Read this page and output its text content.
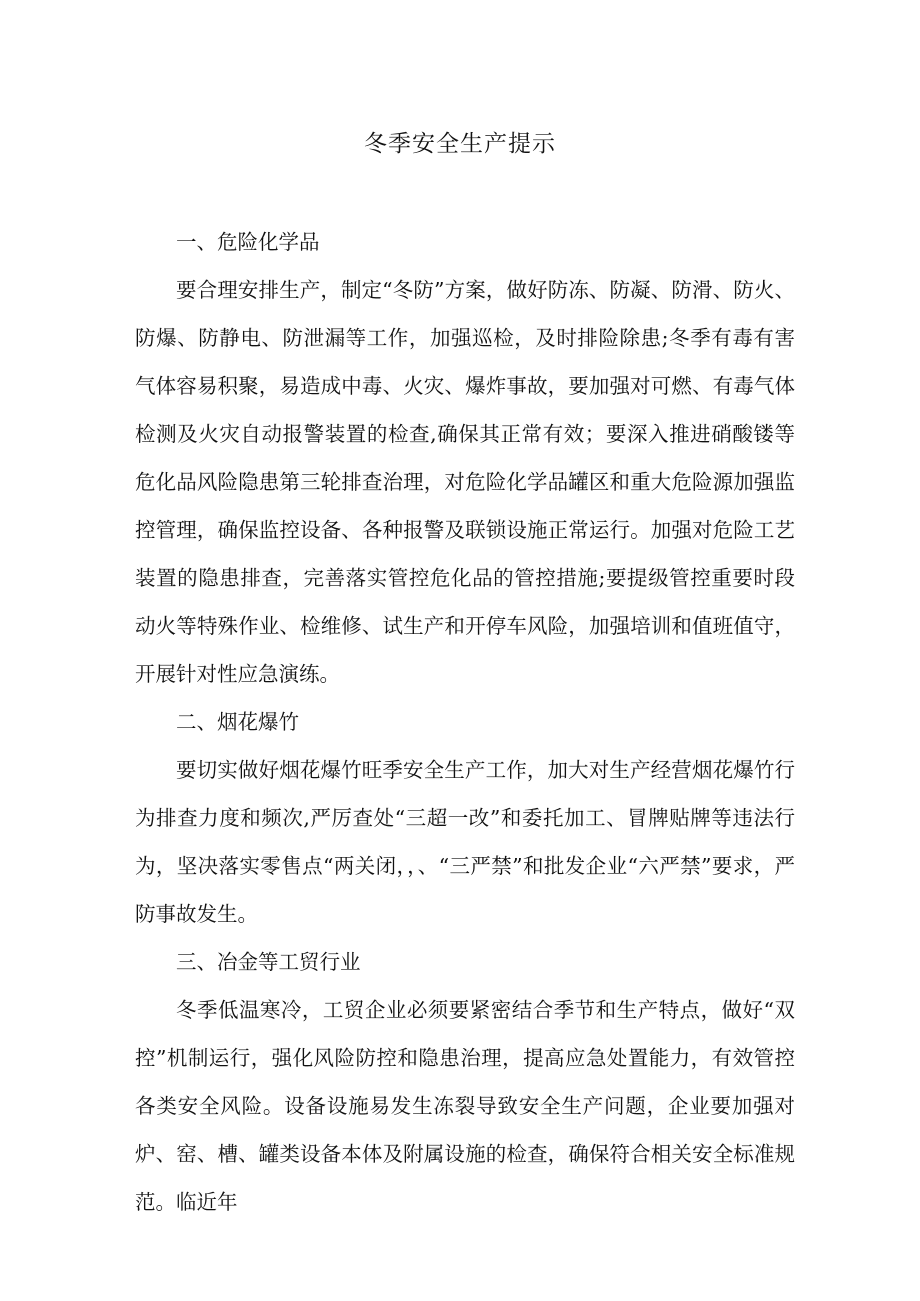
冬季安全生产提示

一、危险化学品

要合理安排生产，制定“冬防”方案，做好防冻、防凝、防滑、防火、防爆、防静电、防泄漏等工作，加强巡检，及时排险除患;冬季有毒有害气体容易积聚，易造成中毒、火灾、爆炸事故，要加强对可燃、有毒气体检测及火灾自动报警装置的检查,确保其正常有效；要深入推进硝酸镂等危化品风险隐患第三轮排查治理，对危险化学品罐区和重大危险源加强监控管理，确保监控设备、各种报警及联锁设施正常运行。加强对危险工艺装置的隐患排查，完善落实管控危化品的管控措施;要提级管控重要时段动火等特殊作业、检维修、试生产和开停车风险，加强培训和值班值守，开展针对性应急演练。

二、烟花爆竹

要切实做好烟花爆竹旺季安全生产工作，加大对生产经营烟花爆竹行为排查力度和频次,严厉查处“三超一改”和委托加工、冒牌贴牌等违法行为，坚决落实零售点“两关闭，，、“三严禁”和批发企业“六严禁”要求，严防事故发生。

三、冶金等工贸行业

冬季低温寒冷，工贸企业必须要紧密结合季节和生产特点，做好“双控”机制运行，强化风险防控和隐患治理，提高应急处置能力，有效管控各类安全风险。设备设施易发生冻裂导致安全生产问题，企业要加强对炉、窑、槽、罐类设备本体及附属设施的检查，确保符合相关安全标准规范。临近年
